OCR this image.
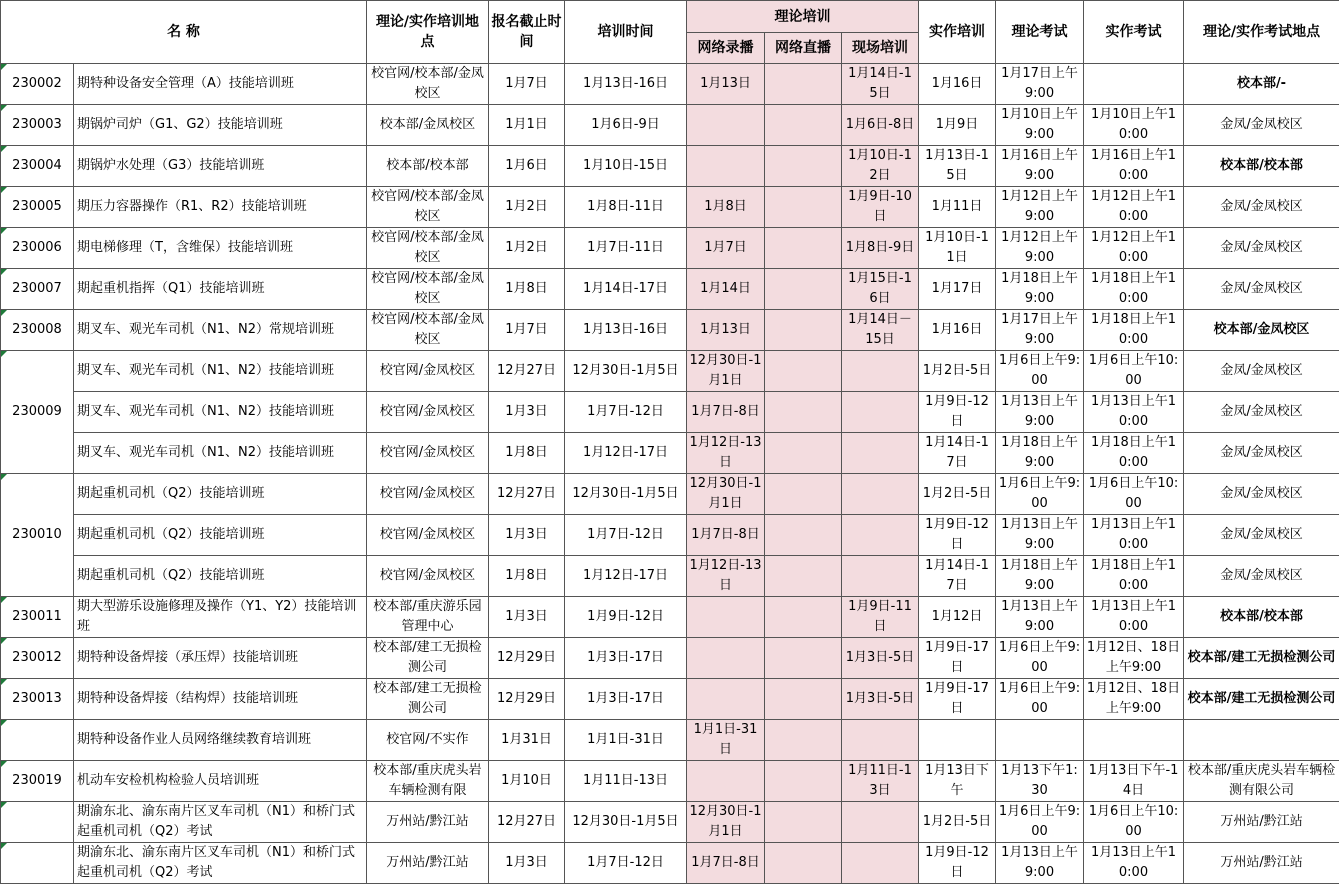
名 称		理论/实作培训地点	报名截止时间	培训时间	理论培训			实作培训	理论考试	实作考试	理论/实作考试地点
					网络录播	网络直播	现场培训				

230002	期特种设备安全管理（A）技能培训班	校官网/校本部/金凤校区	1月7日	1月13日-16日	1月13日		1月14日-15日	1月16日	1月17日上午9:00		校本部/-

230003	期锅炉司炉（G1、G2）技能培训班	校本部/金凤校区	1月1日	1月6日-9日			1月6日-8日	1月9日	1月10日上午9:00	1月10日上午10:00	金凤/金凤校区

230004	期锅炉水处理（G3）技能培训班	校本部/校本部	1月6日	1月10日-15日			1月10日-12日	1月13日-15日	1月16日上午9:00	1月16日上午10:00	校本部/校本部

230005	期压力容器操作（R1、R2）技能培训班	校官网/校本部/金凤校区	1月2日	1月8日-11日	1月8日		1月9日-10日	1月11日	1月12日上午9:00	1月12日上午10:00	金凤/金凤校区

230006	期电梯修理（T，含维保）技能培训班	校官网/校本部/金凤校区	1月2日	1月7日-11日	1月7日		1月8日-9日	1月10日-11日	1月12日上午9:00	1月12日上午10:00	金凤/金凤校区

230007	期起重机指挥（Q1）技能培训班	校官网/校本部/金凤校区	1月8日	1月14日-17日	1月14日		1月15日-16日	1月17日	1月18日上午9:00	1月18日上午10:00	金凤/金凤校区

230008	期叉车、观光车司机（N1、N2）常规培训班	校官网/校本部/金凤校区	1月7日	1月13日-16日	1月13日		1月14日－15日	1月16日	1月17日上午9:00	1月18日上午10:00	校本部/金凤校区

230009	期叉车、观光车司机（N1、N2）技能培训班	校官网/金凤校区	12月27日	12月30日-1月5日	12月30日-1月1日			1月2日-5日	1月6日上午9:00	1月6日上午10:00	金凤/金凤校区
	期叉车、观光车司机（N1、N2）技能培训班	校官网/金凤校区	1月3日	1月7日-12日	1月7日-8日			1月9日-12日	1月13日上午9:00	1月13日上午10:00	金凤/金凤校区
	期叉车、观光车司机（N1、N2）技能培训班	校官网/金凤校区	1月8日	1月12日-17日	1月12日-13日			1月14日-17日	1月18日上午9:00	1月18日上午10:00	金凤/金凤校区

230010	期起重机司机（Q2）技能培训班	校官网/金凤校区	12月27日	12月30日-1月5日	12月30日-1月1日			1月2日-5日	1月6日上午9:00	1月6日上午10:00	金凤/金凤校区
	期起重机司机（Q2）技能培训班	校官网/金凤校区	1月3日	1月7日-12日	1月7日-8日			1月9日-12日	1月13日上午9:00	1月13日上午10:00	金凤/金凤校区
	期起重机司机（Q2）技能培训班	校官网/金凤校区	1月8日	1月12日-17日	1月12日-13日			1月14日-17日	1月18日上午9:00	1月18日上午10:00	金凤/金凤校区

230011	期大型游乐设施修理及操作（Y1、Y2）技能培训班	校本部/重庆游乐园管理中心	1月3日	1月9日-12日			1月9日-11日	1月12日	1月13日上午9:00	1月13日上午10:00	校本部/校本部

230012	期特种设备焊接（承压焊）技能培训班	校本部/建工无损检测公司	12月29日	1月3日-17日			1月3日-5日	1月9日-17日	1月6日上午9:00	1月12日、18日上午9:00	校本部/建工无损检测公司

230013	期特种设备焊接（结构焊）技能培训班	校本部/建工无损检测公司	12月29日	1月3日-17日			1月3日-5日	1月9日-17日	1月6日上午9:00	1月12日、18日上午9:00	校本部/建工无损检测公司

	期特种设备作业人员网络继续教育培训班	校官网/不实作	1月31日	1月1日-31日	1月1日-31日						

230019	机动车安检机构检验人员培训班	校本部/重庆虎头岩车辆检测有限	1月10日	1月11日-13日			1月11日-13日	1月13日下午	1月13下午1:30	1月13日下午-14日	校本部/重庆虎头岩车辆检测有限公司

	期渝东北、渝东南片区叉车司机（N1）和桥门式起重机司机（Q2）考试	万州站/黔江站	12月27日	12月30日-1月5日	12月30日-1月1日			1月2日-5日	1月6日上午9:00	1月6日上午10:00	万州站/黔江站

	期渝东北、渝东南片区叉车司机（N1）和桥门式起重机司机（Q2）考试	万州站/黔江站	1月3日	1月7日-12日	1月7日-8日			1月9日-12日	1月13日上午9:00	1月13日上午10:00	万州站/黔江站
